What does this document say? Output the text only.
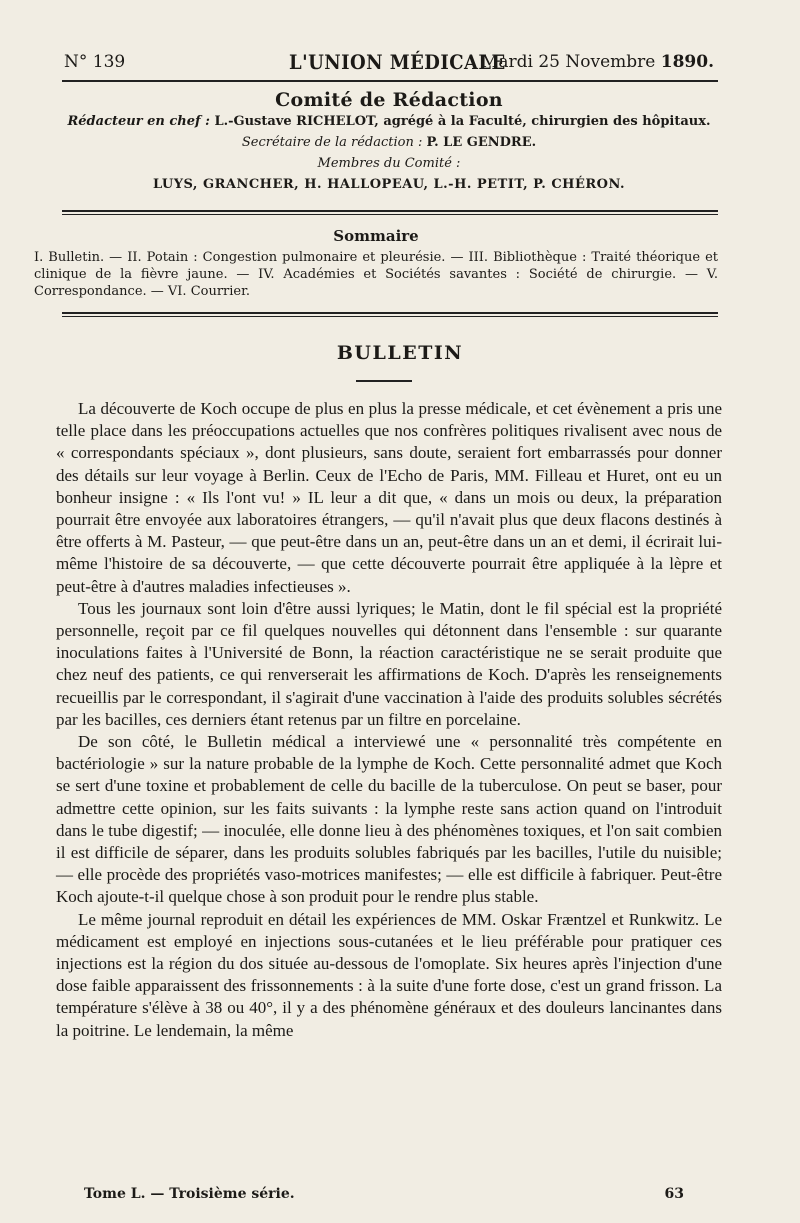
N° 139	L'UNION MÉDICALE
Mardi 25 Novembre 1890.
Comité de Rédaction
Rédacteur en chef : L.-Gustave RICHELOT, agrégé à la Faculté, chirurgien des hôpitaux.
Secrétaire de la rédaction : P. LE GENDRE.
Membres du Comité :
LUYS, GRANCHER, H. HALLOPEAU, L.-H. PETIT, P. CHÉRON.
Sommaire
I. Bulletin. — II. Potain : Congestion pulmonaire et pleurésie. — III. Bibliothèque : Traité théorique et clinique de la fièvre jaune. — IV. Académies et Sociétés savantes : Société de chirurgie. — V. Correspondance. — VI. Courrier.
BULLETIN

La découverte de Koch occupe de plus en plus la presse médicale, et cet évènement a pris une telle place dans les préoccupations actuelles que nos confrères politiques rivalisent avec nous de « correspondants spéciaux », dont plusieurs, sans doute, seraient fort embarrassés pour donner des détails sur leur voyage à Berlin. Ceux de l'Echo de Paris, MM. Filleau et Huret, ont eu un bonheur insigne : « Ils l'ont vu! » IL leur a dit que, « dans un mois ou deux, la préparation pourrait être envoyée aux laboratoires étrangers, — qu'il n'avait plus que deux flacons destinés à être offerts à M. Pasteur, — que peut-être dans un an, peut-être dans un an et demi, il écrirait lui-même l'histoire de sa découverte, — que cette découverte pourrait être appliquée à la lèpre et peut-être à d'autres maladies infectieuses ».

Tous les journaux sont loin d'être aussi lyriques; le Matin, dont le fil spécial est la propriété personnelle, reçoit par ce fil quelques nouvelles qui détonnent dans l'ensemble : sur quarante inoculations faites à l'Université de Bonn, la réaction caractéristique ne se serait produite que chez neuf des patients, ce qui renverserait les affirmations de Koch. D'après les renseignements recueillis par le correspondant, il s'agirait d'une vaccination à l'aide des produits solubles sécrétés par les bacilles, ces derniers étant retenus par un filtre en porcelaine.

De son côté, le Bulletin médical a interviewé une « personnalité très compétente en bactériologie » sur la nature probable de la lymphe de Koch. Cette personnalité admet que Koch se sert d'une toxine et probablement de celle du bacille de la tuberculose. On peut se baser, pour admettre cette opinion, sur les faits suivants : la lymphe reste sans action quand on l'introduit dans le tube digestif; — inoculée, elle donne lieu à des phénomènes toxiques, et l'on sait combien il est difficile de séparer, dans les produits solubles fabriqués par les bacilles, l'utile du nuisible; — elle procède des propriétés vaso-motrices manifestes; — elle est difficile à fabriquer. Peut-être Koch ajoute-t-il quelque chose à son produit pour le rendre plus stable.

Le même journal reproduit en détail les expériences de MM. Oskar Fræntzel et Runkwitz. Le médicament est employé en injections sous-cutanées et le lieu préférable pour pratiquer ces injections est la région du dos située au-dessous de l'omoplate. Six heures après l'injection d'une dose faible apparaissent des frissonnements : à la suite d'une forte dose, c'est un grand frisson. La température s'élève à 38 ou 40°, il y a des phénomène généraux et des douleurs lancinantes dans la poitrine. Le lendemain, la même

Tome L. — Troisième série.	63
